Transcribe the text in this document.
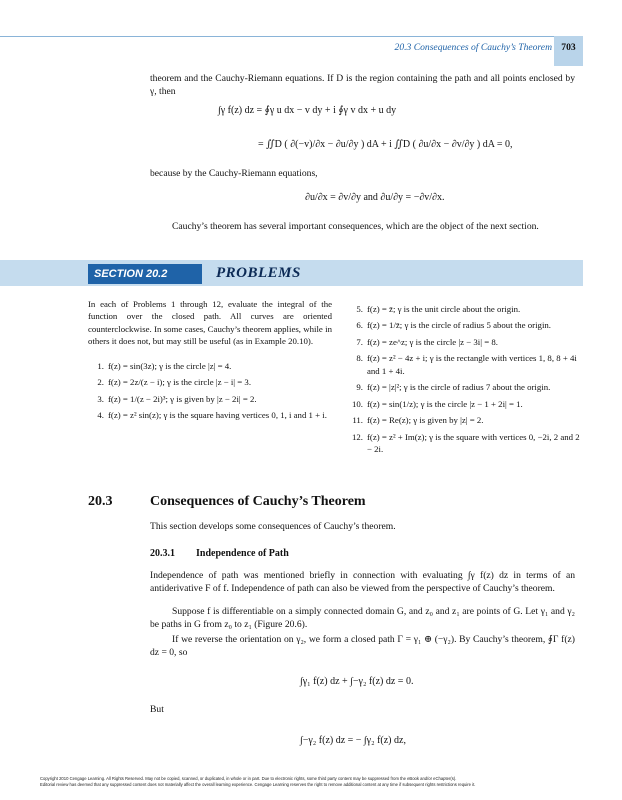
20.3 Consequences of Cauchy’s Theorem 703
theorem and the Cauchy-Riemann equations. If D is the region containing the path and all points enclosed by γ, then
∫γ f(z) dz = ∮γ u dx − v dy + i ∮γ v dx + u dy
= ∬D ( ∂(−v)/∂x − ∂u/∂y ) dA + i ∬D ( ∂u/∂x − ∂v/∂y ) dA = 0,
because by the Cauchy-Riemann equations,
∂u/∂x = ∂v/∂y and ∂u/∂y = −∂v/∂x.
Cauchy’s theorem has several important consequences, which are the object of the next section.
SECTION 20.2	PROBLEMS
In each of Problems 1 through 12, evaluate the integral of the function over the closed path. All curves are oriented counterclockwise. In some cases, Cauchy’s theorem applies, while in others it does not, but may still be useful (as in Example 20.10).
1. f(z) = sin(3z); γ is the circle |z| = 4.
2. f(z) = 2z/(z − i); γ is the circle |z − i| = 3.
3. f(z) = 1/(z − 2i)³; γ is given by |z − 2i| = 2.
4. f(z) = z² sin(z); γ is the square having vertices 0, 1, i and 1 + i.
5. f(z) = z̄; γ is the unit circle about the origin.
6. f(z) = 1/z̄; γ is the circle of radius 5 about the origin.
7. f(z) = ze^z; γ is the circle |z − 3i| = 8.
8. f(z) = z² − 4z + i; γ is the rectangle with vertices 1, 8, 8 + 4i and 1 + 4i.
9. f(z) = |z|²; γ is the circle of radius 7 about the origin.
10. f(z) = sin(1/z); γ is the circle |z − 1 + 2i| = 1.
11. f(z) = Re(z); γ is given by |z| = 2.
12. f(z) = z² + Im(z); γ is the square with vertices 0, −2i, 2 and 2 − 2i.
20.3	Consequences of Cauchy’s Theorem
This section develops some consequences of Cauchy’s theorem.
20.3.1 Independence of Path
Independence of path was mentioned briefly in connection with evaluating ∫γ f(z) dz in terms of an antiderivative F of f. Independence of path can also be viewed from the perspective of Cauchy’s theorem.
Suppose f is differentiable on a simply connected domain G, and z₀ and z₁ are points of G. Let γ₁ and γ₂ be paths in G from z₀ to z₁ (Figure 20.6).
If we reverse the orientation on γ₂, we form a closed path Γ = γ₁ ⊕ (−γ₂). By Cauchy’s theorem, ∮Γ f(z) dz = 0, so
∫γ₁ f(z) dz + ∫−γ₂ f(z) dz = 0.
But
∫−γ₂ f(z) dz = − ∫γ₂ f(z) dz,
Copyright 2010 Cengage Learning. All Rights Reserved. May not be copied, scanned, or duplicated, in whole or in part. Due to electronic rights, some third party content may be suppressed from the eBook and/or eChapter(s).
Editorial review has deemed that any suppressed content does not materially affect the overall learning experience. Cengage Learning reserves the right to remove additional content at any time if subsequent rights restrictions require it.
